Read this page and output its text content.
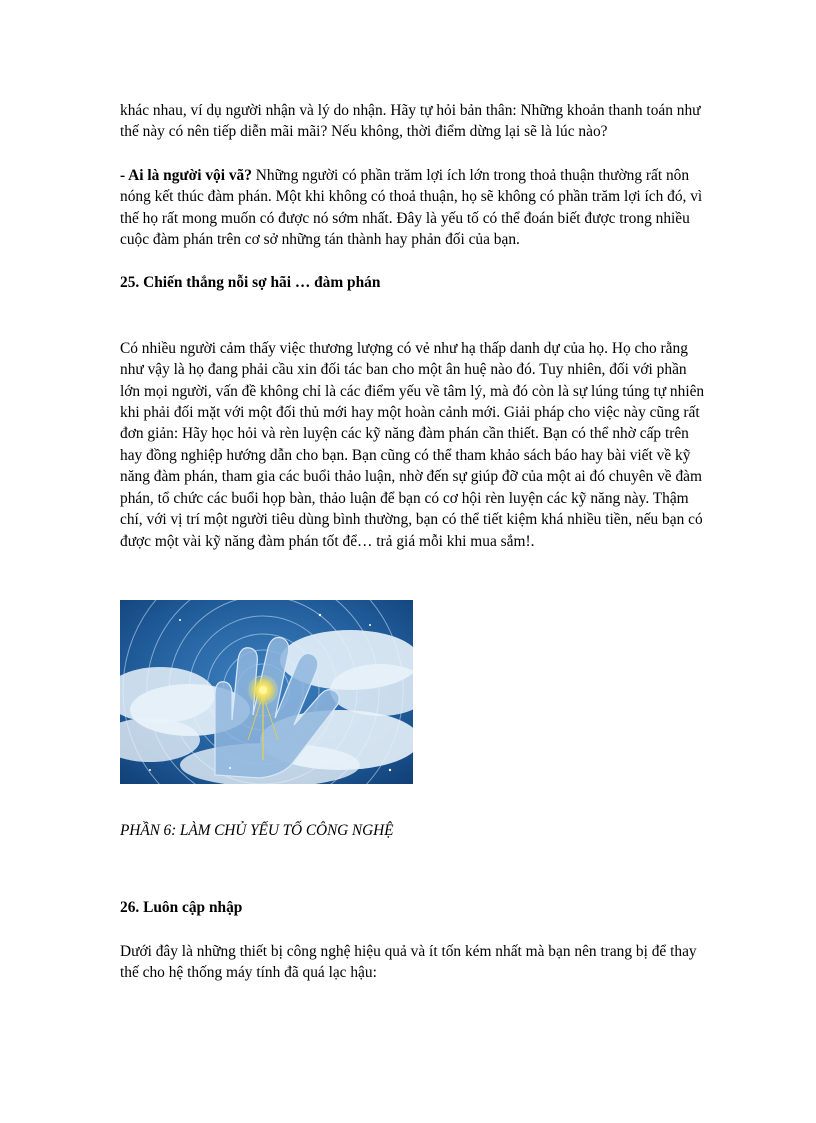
khác nhau, ví dụ người nhận và lý do nhận. Hãy tự hỏi bản thân: Những khoản thanh toán như thế này có nên tiếp diễn mãi mãi? Nếu không, thời điểm dừng lại sẽ là lúc nào?

- Ai là người vội vã? Những người có phần trăm lợi ích lớn trong thoả thuận thường rất nôn nóng kết thúc đàm phán. Một khi không có thoả thuận, họ sẽ không có phần trăm lợi ích đó, vì thế họ rất mong muốn có được nó sớm nhất. Đây là yếu tố có thể đoán biết được trong nhiều cuộc đàm phán trên cơ sở những tán thành hay phản đối của bạn.

25. Chiến thắng nỗi sợ hãi … đàm phán

Có nhiều người cảm thấy việc thương lượng có vẻ như hạ thấp danh dự của họ. Họ cho rằng như vậy là họ đang phải cầu xin đối tác ban cho một ân huệ nào đó. Tuy nhiên, đối với phần lớn mọi người, vấn đề không chỉ là các điểm yếu về tâm lý, mà đó còn là sự lúng túng tự nhiên khi phải đối mặt với một đối thủ mới hay một hoàn cảnh mới. Giải pháp cho việc này cũng rất đơn giản: Hãy học hỏi và rèn luyện các kỹ năng đàm phán cần thiết. Bạn có thể nhờ cấp trên hay đồng nghiệp hướng dẫn cho bạn. Bạn cũng có thể tham khảo sách báo hay bài viết về kỹ năng đàm phán, tham gia các buổi thảo luận, nhờ đến sự giúp đỡ của một ai đó chuyên về đàm phán, tổ chức các buổi họp bàn, thảo luận để bạn có cơ hội rèn luyện các kỹ năng này. Thậm chí, với vị trí một người tiêu dùng bình thường, bạn có thể tiết kiệm khá nhiều tiền, nếu bạn có được một vài kỹ năng đàm phán tốt để… trả giá mỗi khi mua sắm!.

PHẦN 6: LÀM CHỦ YẾU TỐ CÔNG NGHỆ

26. Luôn cập nhập

Dưới đây là những thiết bị công nghệ hiệu quả và ít tốn kém nhất mà bạn nên trang bị để thay thế cho hệ thống máy tính đã quá lạc hậu:
